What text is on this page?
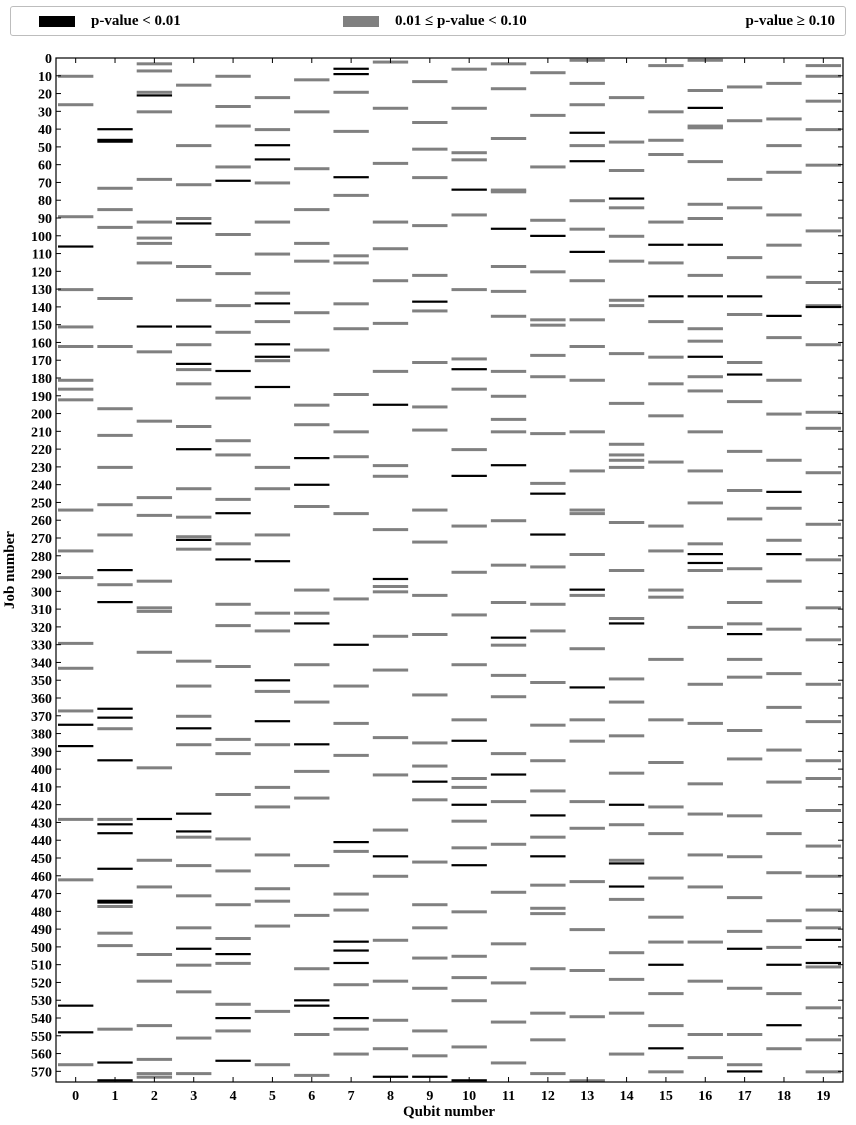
p-value < 0.01	0.01 ≤ p-value < 0.10	p-value ≥ 0.10
0
10
20
30
40
50
60
70
80
90
100
110
120
130
140
150
160
170
180
190
200
210
220
230
240
250
260
270
280
290
300
310
320
330
340
350
360
370
380
390
400
410
420
430
440
450
460
470
480
490
500
510
520
530
540
550
560
570
0 1 2 3 4 5 6 7 8 9 10 11 12 13 14 15 16 17 18 19
Qubit number
Job number
